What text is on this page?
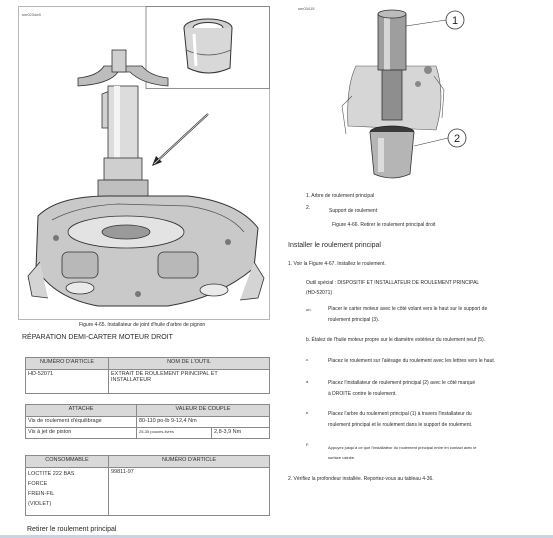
sm0234e8
Figure 4-65. Installateur de joint d'huile d'arbre de pignon
RÉPARATION DEMI-CARTER MOTEUR DROIT
NUMÉRO D'ARTICLE	NOM DE L'OUTIL
HD-52071	EXTRAIT DE ROULEMENT PRINCIPAL ET
INSTALLATEUR
ATTACHE	VALEUR DE COUPLE	
Vis de roulement d'équilibrage	80-110 po-lb 9-12,4 Nm	
Vis à jet de piston	25-35 pouces-livres	2,8-3,9 Nm
CONSOMMABLE	NUMÉRO D'ARTICLE

LOCTITE 222 BAS
FORCE
FREIN-FIL
(VIOLET)	99811-97
Retirer le roulement principal
1
2
sm03415
1. Arbre de roulement principal
2.	Support de roulement
Figure 4-66. Retirer le roulement principal droit
Installer le roulement principal
1. Voir la Figure 4-67. Installez le roulement.
Outil spécial : DISPOSITIF ET INSTALLATEUR DE ROULEMENT PRINCIPAL
(HD-52071)
un.	Placer le carter moteur avec le côté volant vers le haut sur le support de
roulement principal (3).
b. Étalez de l'huile moteur propre sur le diamètre extérieur du roulement neuf (5).
c.	Placez le roulement sur l'alésage du roulement avec les lettres vers le haut.
d.	Placez l'installateur de roulement principal (2) avec le côté marqué
à DROITE contre le roulement.
e.	Placez l'arbre du roulement principal (1) à travers l'installateur du
roulement principal et le roulement dans le support de roulement.
F.
Appuyez jusqu'à ce que l'installateur du roulement principal entre en contact avec le
surface usinée.
2. Vérifiez la profondeur installée. Reportez-vous au tableau 4-36.
